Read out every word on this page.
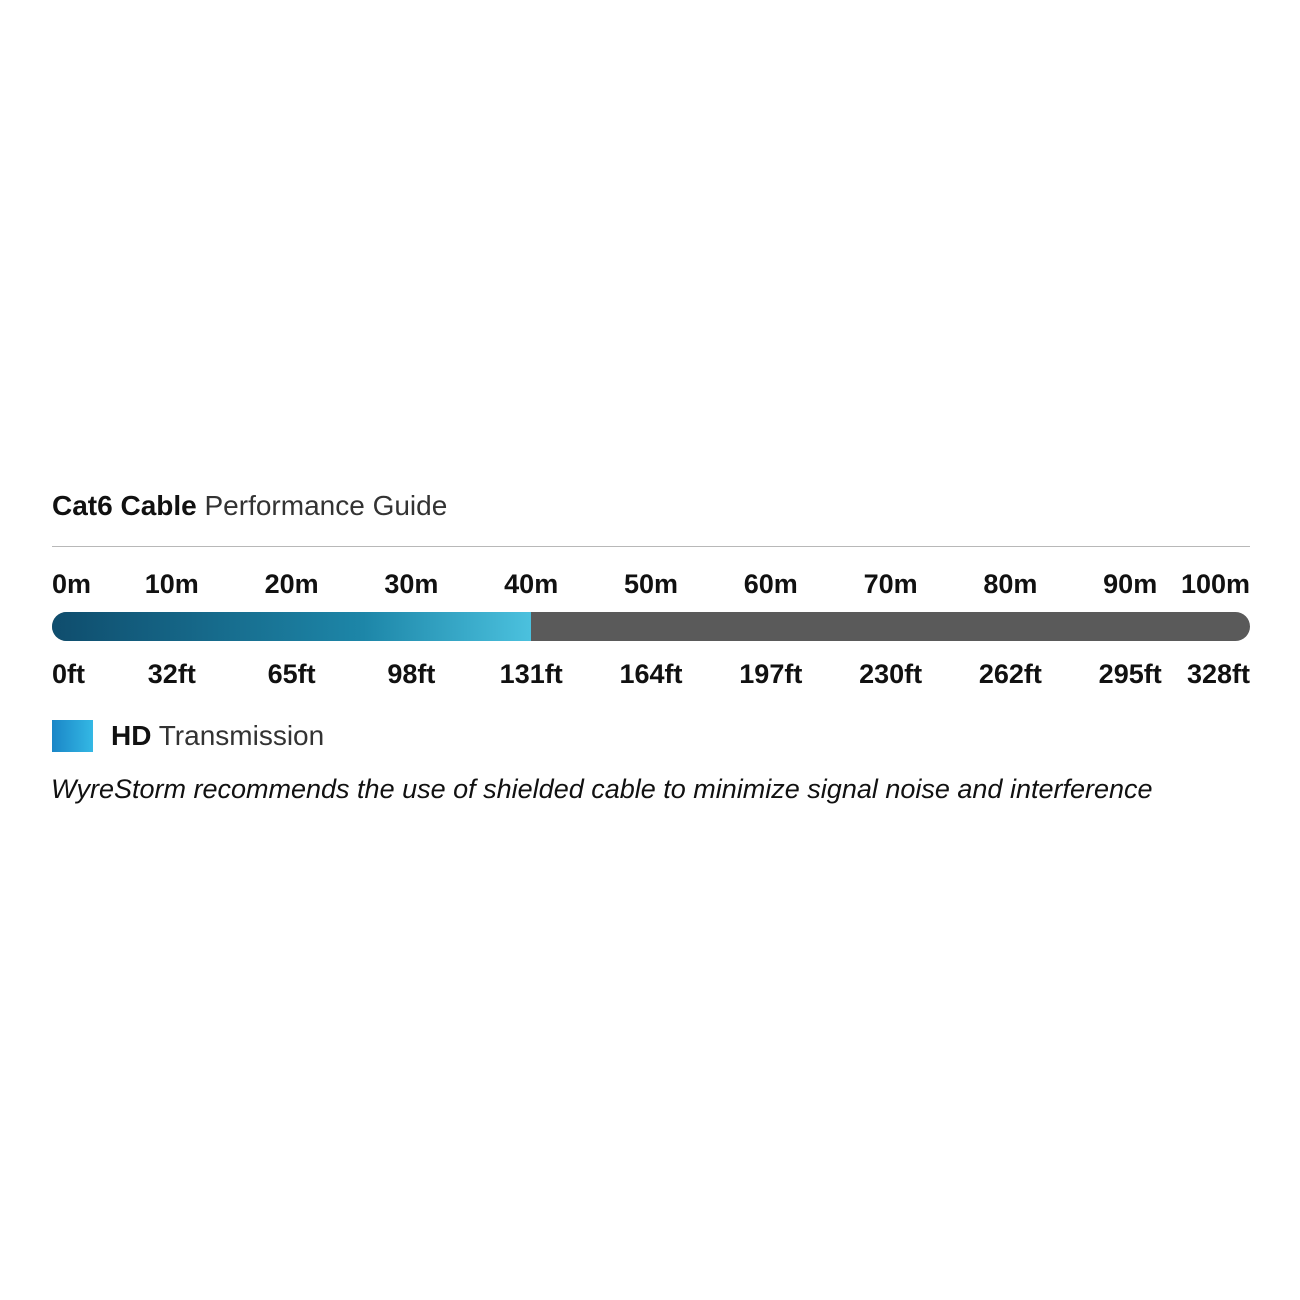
Cat6 Cable Performance Guide
0m 10m 20m 30m 40m 50m 60m 70m 80m 90m 100m
0ft 32ft	65ft	98ft 131ft 164ft 197ft 230ft 262ft 295ft 328ft
HD Transmission
WyreStorm recommends the use of shielded cable to minimize signal noise and interference
